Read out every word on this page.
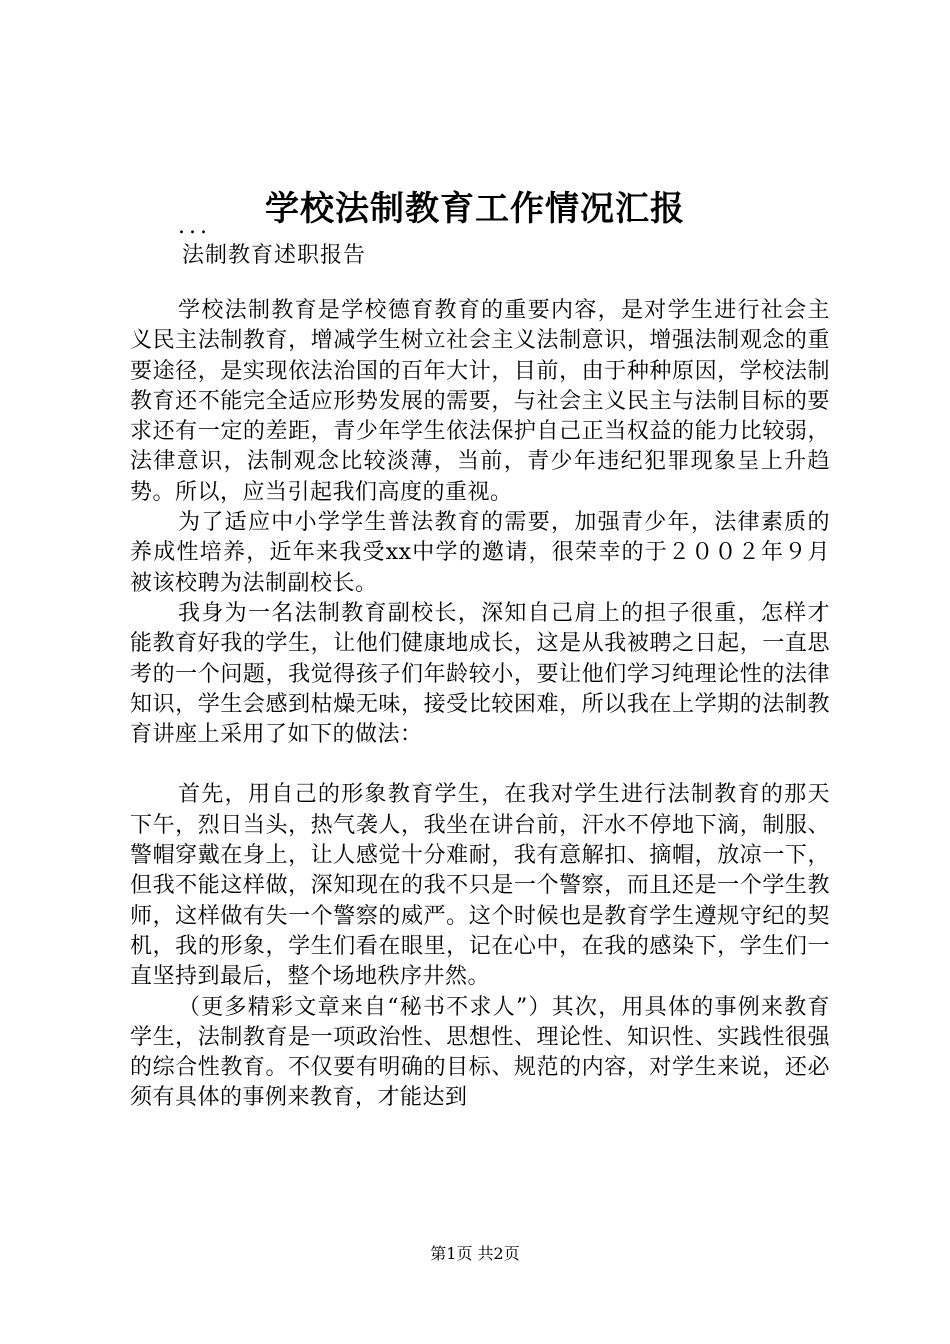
学校法制教育工作情况汇报
...
法制教育述职报告

学校法制教育是学校德育教育的重要内容，是对学生进行社会主义民主法制教育，增减学生树立社会主义法制意识，增强法制观念的重要途径，是实现依法治国的百年大计，目前，由于种种原因，学校法制教育还不能完全适应形势发展的需要，与社会主义民主与法制目标的要求还有一定的差距，青少年学生依法保护自己正当权益的能力比较弱，法律意识，法制观念比较淡薄，当前，青少年违纪犯罪现象呈上升趋势。所以，应当引起我们高度的重视。

为了适应中小学学生普法教育的需要，加强青少年，法律素质的养成性培养，近年来我受xx中学的邀请，很荣幸的于２００２年９月被该校聘为法制副校长。

我身为一名法制教育副校长，深知自己肩上的担子很重，怎样才能教育好我的学生，让他们健康地成长，这是从我被聘之日起，一直思考的一个问题，我觉得孩子们年龄较小，要让他们学习纯理论性的法律知识，学生会感到枯燥无味，接受比较困难，所以我在上学期的法制教育讲座上采用了如下的做法：

首先，用自己的形象教育学生，在我对学生进行法制教育的那天下午，烈日当头，热气袭人，我坐在讲台前，汗水不停地下滴，制服、警帽穿戴在身上，让人感觉十分难耐，我有意解扣、摘帽，放凉一下，但我不能这样做，深知现在的我不只是一个警察，而且还是一个学生教师，这样做有失一个警察的威严。这个时候也是教育学生遵规守纪的契机，我的形象，学生们看在眼里，记在心中，在我的感染下，学生们一直坚持到最后，整个场地秩序井然。

（更多精彩文章来自“秘书不求人”）其次，用具体的事例来教育学生，法制教育是一项政治性、思想性、理论性、知识性、实践性很强的综合性教育。不仅要有明确的目标、规范的内容，对学生来说，还必须有具体的事例来教育，才能达到

第1页 共2页
